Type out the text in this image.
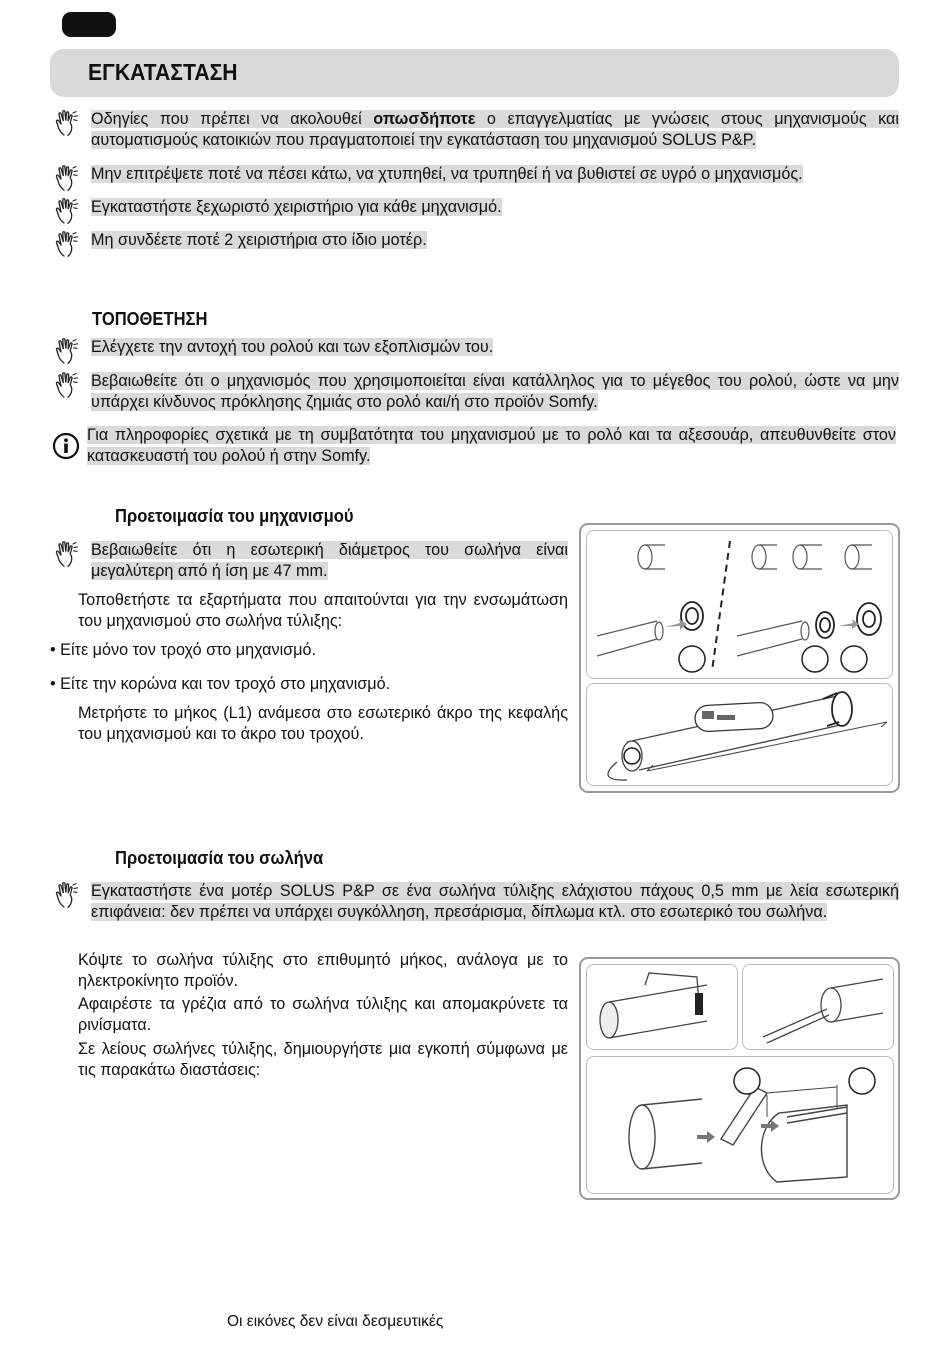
ΕΓΚΑΤΑΣΤΑΣΗ
Οδηγίες που πρέπει να ακολουθεί οπωσδήποτε ο επαγγελματίας με γνώσεις στους μηχανισμούς και αυτοματισμούς κατοικιών που πραγματοποιεί την εγκατάσταση του μηχανισμού SOLUS P&P.
Μην επιτρέψετε ποτέ να πέσει κάτω, να χτυπηθεί, να τρυπηθεί ή να βυθιστεί σε υγρό ο μηχανισμός.
Εγκαταστήστε ξεχωριστό χειριστήριο για κάθε μηχανισμό.
Μη συνδέετε ποτέ 2 χειριστήρια στο ίδιο μοτέρ.
ΤΟΠΟΘΕΤΗΣΗ
Ελέγχετε την αντοχή του ρολού και των εξοπλισμών του.
Βεβαιωθείτε ότι ο μηχανισμός που χρησιμοποιείται είναι κατάλληλος για το μέγεθος του ρολού, ώστε να μην υπάρχει κίνδυνος πρόκλησης ζημιάς στο ρολό και/ή στο προϊόν Somfy.
Για πληροφορίες σχετικά με τη συμβατότητα του μηχανισμού με το ρολό και τα αξεσουάρ, απευθυνθείτε στον κατασκευαστή του ρολού ή στην Somfy.
Προετοιμασία του μηχανισμού
Βεβαιωθείτε ότι η εσωτερική διάμετρος του σωλήνα είναι μεγαλύτερη από ή ίση με 47 mm.
Τοποθετήστε τα εξαρτήματα που απαιτούνται για την ενσωμάτωση του μηχανισμού στο σωλήνα τύλιξης:
• Είτε μόνο τον τροχό στο μηχανισμό.
• Είτε την κορώνα και τον τροχό στο μηχανισμό.
Μετρήστε το μήκος (L1) ανάμεσα στο εσωτερικό άκρο της κεφαλής του μηχανισμού και το άκρο του τροχού.
Προετοιμασία του σωλήνα
Εγκαταστήστε ένα μοτέρ SOLUS P&P σε ένα σωλήνα τύλιξης ελάχιστου πάχους 0,5 mm με λεία εσωτερική επιφάνεια: δεν πρέπει να υπάρχει συγκόλληση, πρεσάρισμα, δίπλωμα κτλ. στο εσωτερικό του σωλήνα.
Κόψτε το σωλήνα τύλιξης στο επιθυμητό μήκος, ανάλογα με το ηλεκτροκίνητο προϊόν.
Αφαιρέστε τα γρέζια από το σωλήνα τύλιξης και απομακρύνετε τα ρινίσματα.
Σε λείους σωλήνες τύλιξης, δημιουργήστε μια εγκοπή σύμφωνα με τις παρακάτω διαστάσεις:
Οι εικόνες δεν είναι δεσμευτικές
